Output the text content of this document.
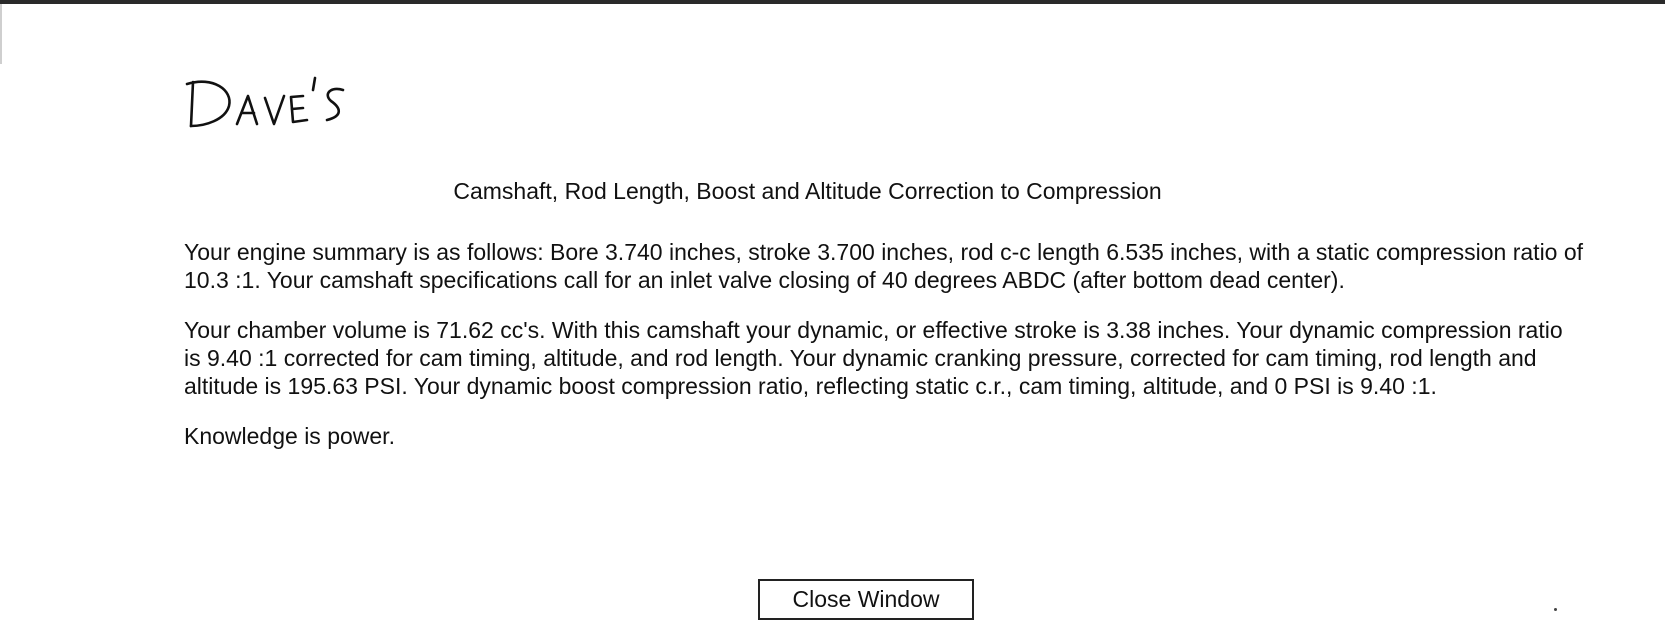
Camshaft, Rod Length, Boost and Altitude Correction to Compression

Your engine summary is as follows: Bore 3.740 inches, stroke 3.700 inches, rod c-c length 6.535 inches, with a static compression ratio of 10.3 :1. Your camshaft specifications call for an inlet valve closing of 40 degrees ABDC (after bottom dead center).

Your chamber volume is 71.62 cc's. With this camshaft your dynamic, or effective stroke is 3.38 inches. Your dynamic compression ratio is 9.40 :1 corrected for cam timing, altitude, and rod length. Your dynamic cranking pressure, corrected for cam timing, rod length and altitude is 195.63 PSI. Your dynamic boost compression ratio, reflecting static c.r., cam timing, altitude, and 0 PSI is 9.40 :1.

Knowledge is power.

Close Window
